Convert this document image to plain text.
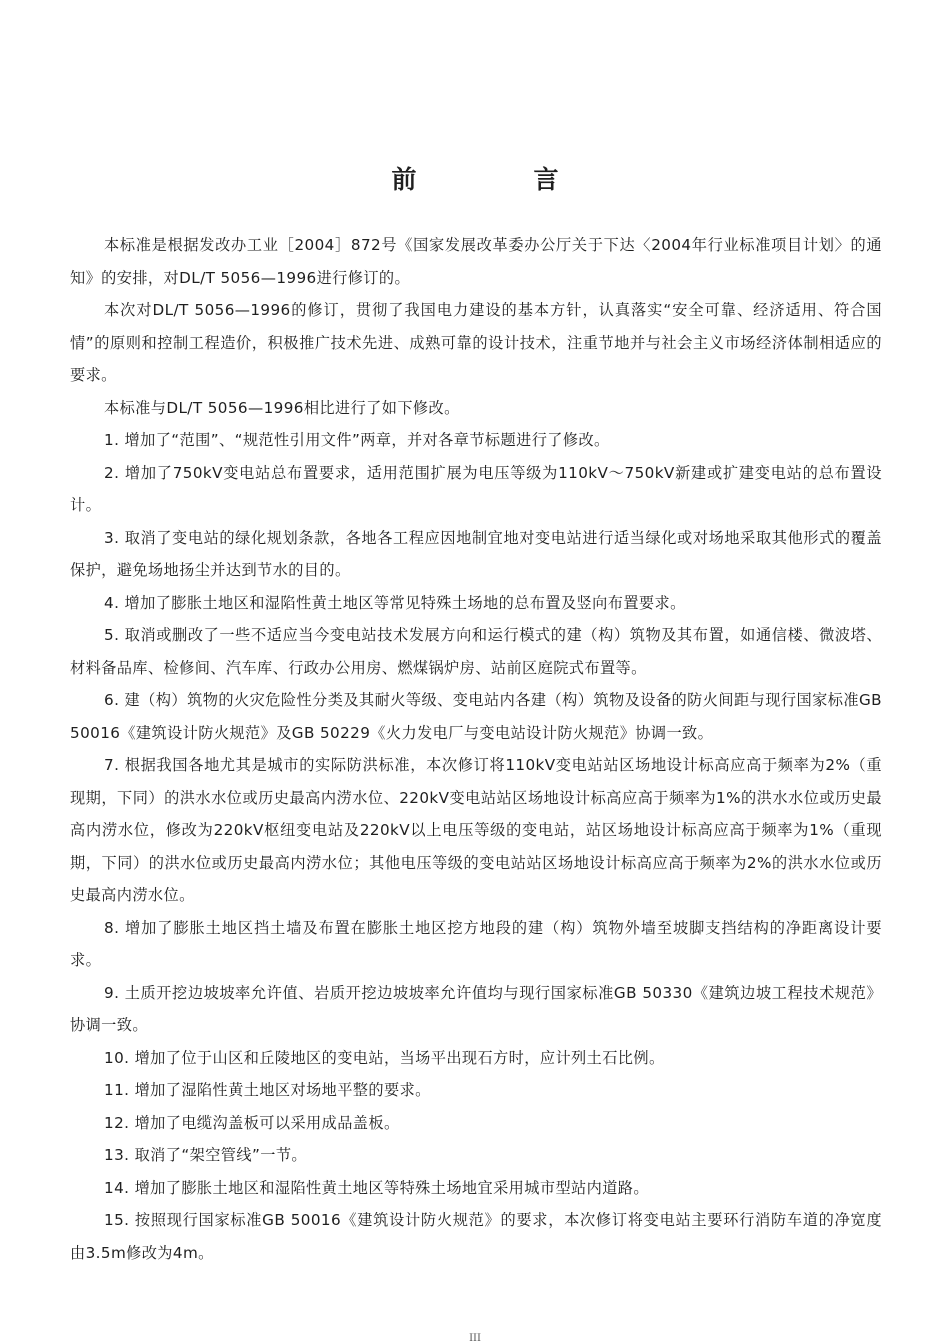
前　言

本标准是根据发改办工业［2004］872号《国家发展改革委办公厅关于下达〈2004年行业标准项目计划〉的通知》的安排，对DL/T 5056—1996进行修订的。

本次对DL/T 5056—1996的修订，贯彻了我国电力建设的基本方针，认真落实“安全可靠、经济适用、符合国情”的原则和控制工程造价，积极推广技术先进、成熟可靠的设计技术，注重节地并与社会主义市场经济体制相适应的要求。

本标准与DL/T 5056—1996相比进行了如下修改。

1. 增加了“范围”、“规范性引用文件”两章，并对各章节标题进行了修改。

2. 增加了750kV变电站总布置要求，适用范围扩展为电压等级为110kV～750kV新建或扩建变电站的总布置设计。

3. 取消了变电站的绿化规划条款，各地各工程应因地制宜地对变电站进行适当绿化或对场地采取其他形式的覆盖保护，避免场地扬尘并达到节水的目的。

4. 增加了膨胀土地区和湿陷性黄土地区等常见特殊土场地的总布置及竖向布置要求。

5. 取消或删改了一些不适应当今变电站技术发展方向和运行模式的建（构）筑物及其布置，如通信楼、微波塔、材料备品库、检修间、汽车库、行政办公用房、燃煤锅炉房、站前区庭院式布置等。

6. 建（构）筑物的火灾危险性分类及其耐火等级、变电站内各建（构）筑物及设备的防火间距与现行国家标准GB 50016《建筑设计防火规范》及GB 50229《火力发电厂与变电站设计防火规范》协调一致。

7. 根据我国各地尤其是城市的实际防洪标准，本次修订将110kV变电站站区场地设计标高应高于频率为2%（重现期，下同）的洪水水位或历史最高内涝水位、220kV变电站站区场地设计标高应高于频率为1%的洪水水位或历史最高内涝水位，修改为220kV枢纽变电站及220kV以上电压等级的变电站，站区场地设计标高应高于频率为1%（重现期，下同）的洪水位或历史最高内涝水位；其他电压等级的变电站站区场地设计标高应高于频率为2%的洪水水位或历史最高内涝水位。

8. 增加了膨胀土地区挡土墙及布置在膨胀土地区挖方地段的建（构）筑物外墙至坡脚支挡结构的净距离设计要求。

9. 土质开挖边坡坡率允许值、岩质开挖边坡坡率允许值均与现行国家标准GB 50330《建筑边坡工程技术规范》协调一致。

10. 增加了位于山区和丘陵地区的变电站，当场平出现石方时，应计列土石比例。

11. 增加了湿陷性黄土地区对场地平整的要求。

12. 增加了电缆沟盖板可以采用成品盖板。

13. 取消了“架空管线”一节。

14. 增加了膨胀土地区和湿陷性黄土地区等特殊土场地宜采用城市型站内道路。

15. 按照现行国家标准GB 50016《建筑设计防火规范》的要求，本次修订将变电站主要环行消防车道的净宽度由3.5m修改为4m。

III
